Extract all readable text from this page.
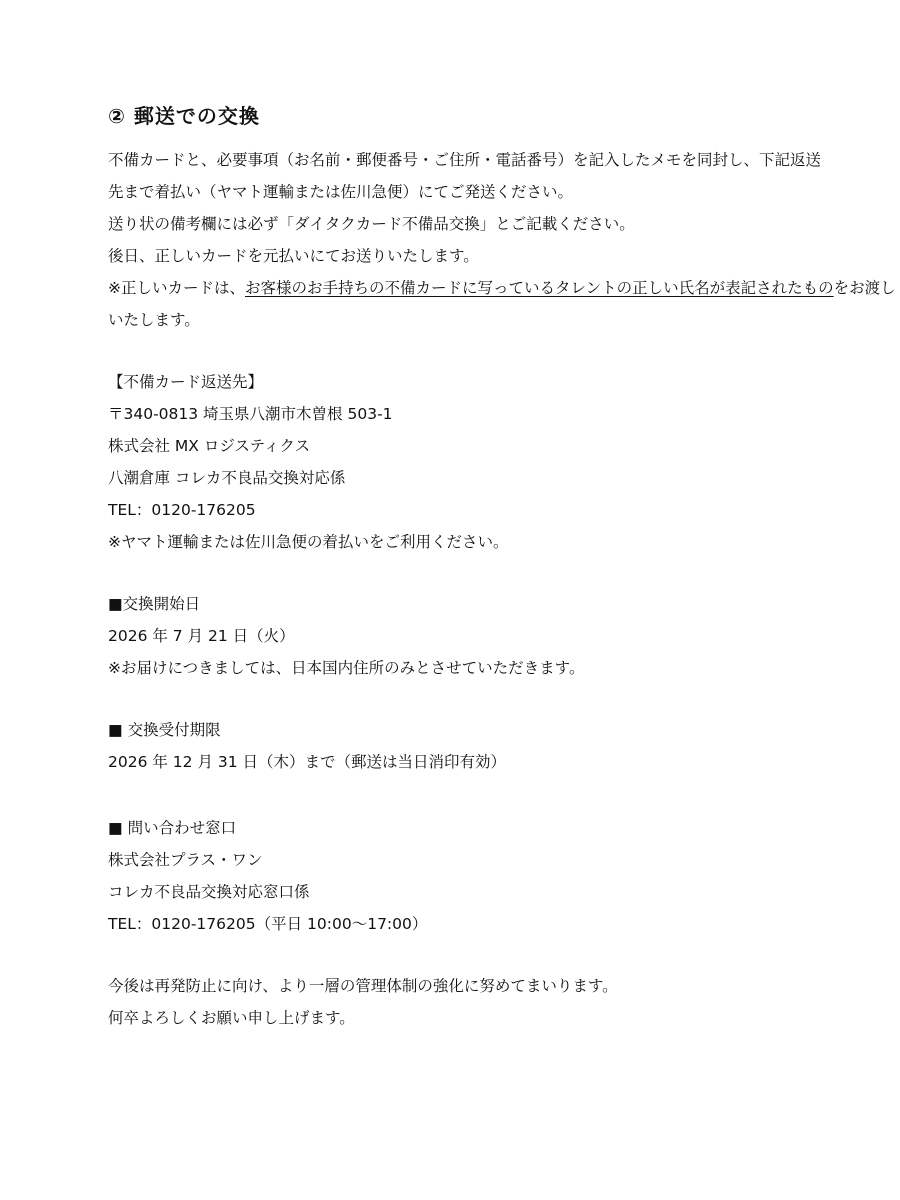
② 郵送での交換

不備カードと、必要事項（お名前・郵便番号・ご住所・電話番号）を記入したメモを同封し、下記返送

先まで着払い（ヤマト運輸または佐川急便）にてご発送ください。

送り状の備考欄には必ず「ダイタクカード不備品交換」とご記載ください。

後日、正しいカードを元払いにてお送りいたします。

※正しいカードは、お客様のお手持ちの不備カードに写っているタレントの正しい氏名が表記されたものをお渡し

いたします。

【不備カード返送先】

〒340-0813 埼玉県八潮市木曽根 503-1

株式会社 MX ロジスティクス

八潮倉庫 コレカ不良品交換対応係

TEL：0120-176205

※ヤマト運輸または佐川急便の着払いをご利用ください。

■交換開始日

2026 年 7 月 21 日（火）

※お届けにつきましては、日本国内住所のみとさせていただきます。

■ 交換受付期限

2026 年 12 月 31 日（木）まで（郵送は当日消印有効）

■ 問い合わせ窓口

株式会社プラス・ワン

コレカ不良品交換対応窓口係

TEL：0120-176205（平日 10:00～17:00）

今後は再発防止に向け、より一層の管理体制の強化に努めてまいります。

何卒よろしくお願い申し上げます。
